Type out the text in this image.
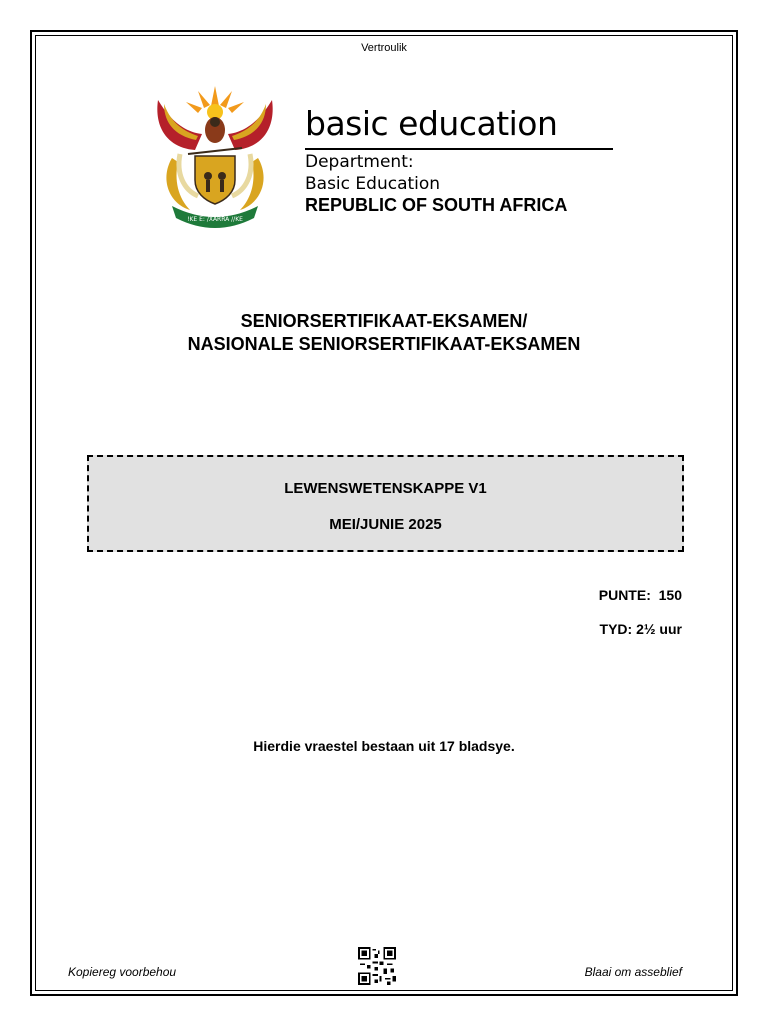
Vertroulik
!KE E: /XARRA //KE
basic education
Department:
Basic Education
REPUBLIC OF SOUTH AFRICA
SENIORSERTIFIKAAT-EKSAMEN/
NASIONALE SENIORSERTIFIKAAT-EKSAMEN
LEWENSWETENSKAPPE V1
MEI/JUNIE 2025
PUNTE:  150
TYD: 2½ uur
Hierdie vraestel bestaan uit 17 bladsye.
Kopiereg voorbehou	Blaai om asseblief
